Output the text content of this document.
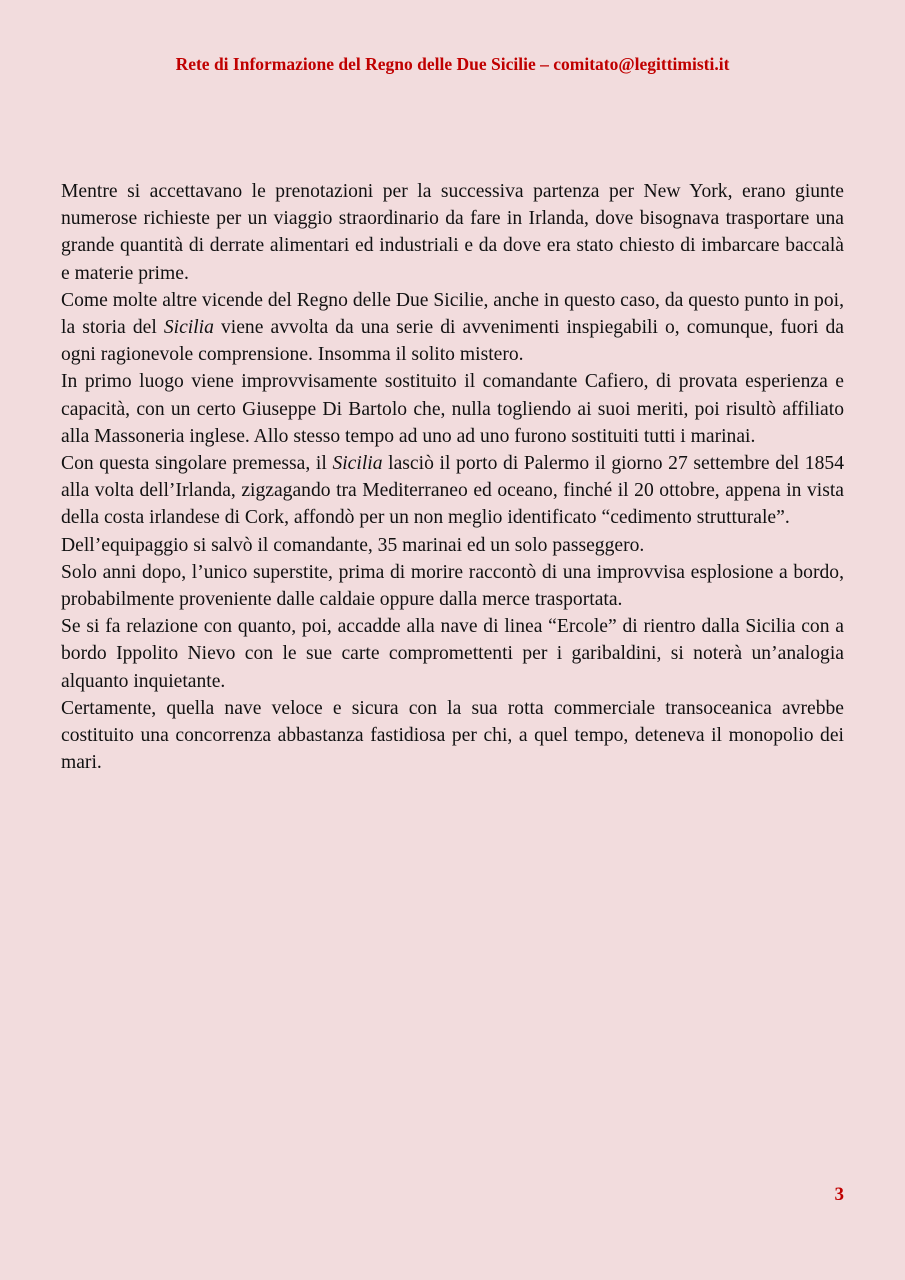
Rete di Informazione del Regno delle Due Sicilie – comitato@legittimisti.it

Mentre si accettavano le prenotazioni per la successiva partenza per New York, erano giunte numerose richieste per un viaggio straordinario da fare in Irlanda, dove bisognava trasportare una grande quantità di derrate alimentari ed industriali e da dove era stato chiesto di imbarcare baccalà e materie prime.

Come molte altre vicende del Regno delle Due Sicilie, anche in questo caso, da questo punto in poi, la storia del Sicilia viene avvolta da una serie di avvenimenti inspiegabili o, comunque, fuori da ogni ragionevole comprensione. Insomma il solito mistero.

In primo luogo viene improvvisamente sostituito il comandante Cafiero, di provata esperienza e capacità, con un certo Giuseppe Di Bartolo che, nulla togliendo ai suoi meriti, poi risultò affiliato alla Massoneria inglese. Allo stesso tempo ad uno ad uno furono sostituiti tutti i marinai.

Con questa singolare premessa, il Sicilia lasciò il porto di Palermo il giorno 27 settembre del 1854 alla volta dell’Irlanda, zigzagando tra Mediterraneo ed oceano, finché il 20 ottobre, appena in vista della costa irlandese di Cork, affondò per un non meglio identificato “cedimento strutturale”.

Dell’equipaggio si salvò il comandante, 35 marinai ed un solo passeggero.

Solo anni dopo, l’unico superstite, prima di morire raccontò di una improvvisa esplosione a bordo, probabilmente proveniente dalle caldaie oppure dalla merce trasportata.

Se si fa relazione con quanto, poi, accadde alla nave di linea “Ercole” di rientro dalla Sicilia con a bordo Ippolito Nievo con le sue carte compromettenti per i garibaldini, si noterà un’analogia alquanto inquietante.

Certamente, quella nave veloce e sicura con la sua rotta commerciale transoceanica avrebbe costituito una concorrenza abbastanza fastidiosa per chi, a quel tempo, deteneva il monopolio dei mari.

3
